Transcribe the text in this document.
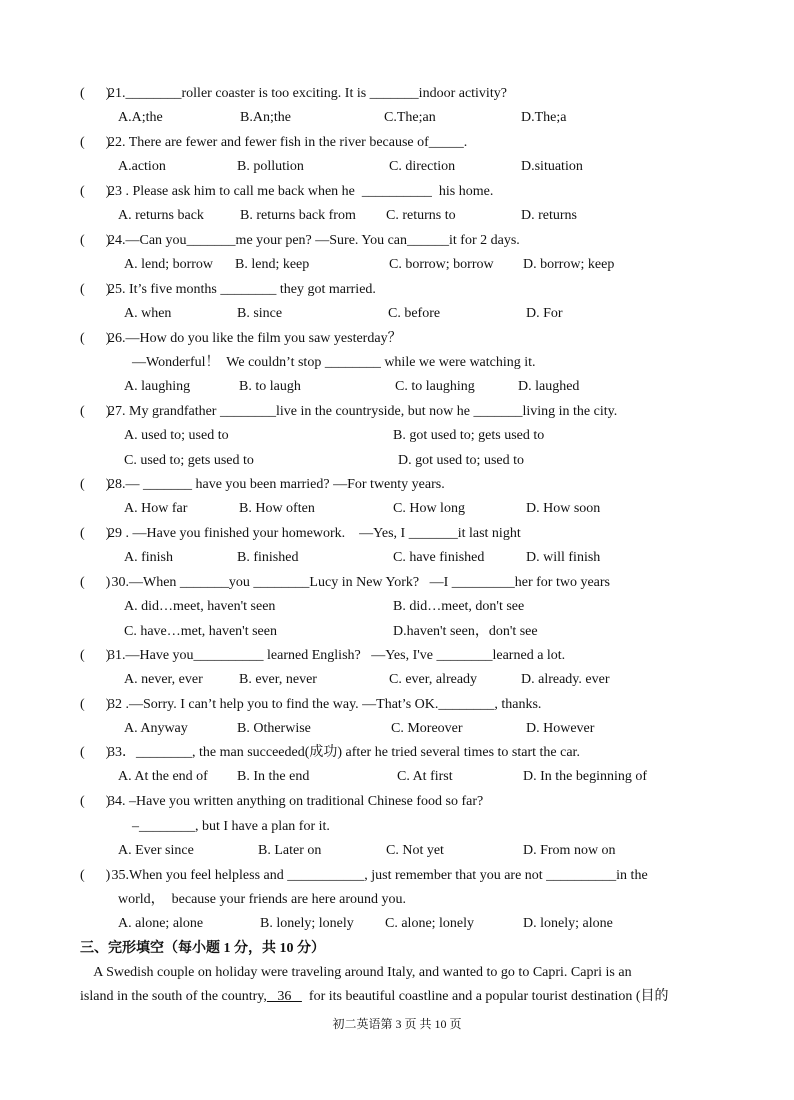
(      )
21.________roller coaster is too exciting. It is _______indoor activity?
A.A;the	B.An;the	C.The;an	D.The;a
(      )
22. There are fewer and fewer fish in the river because of_____.
A.action	B. pollution	C. direction	D.situation
(      )
23 . Please ask him to call me back when he  __________  his home.
A. returns back	B. returns back from C. returns to	D. returns
(      )
24.—Can you_______me your pen? —Sure. You can______it for 2 days.
A. lend; borrow B. lend; keep	C. borrow; borrow D. borrow; keep
(      )
25. It’s five months ________ they got married.
A. when	B. since	C. before	D. For
(      )
26.—How do you like the film you saw yesterday？
—Wonderful！  We couldn’t stop ________ while we were watching it.
A. laughing	B. to laugh	C. to laughing	D. laughed
(      )
27. My grandfather ________live in the countryside, but now he _______living in the city.
A. used to; used to	B. got used to; gets used to
C. used to; gets used to	D. got used to; used to
(      )
28.— _______ have you been married? —For twenty years.
A. How far	B. How often	C. How long	D. How soon
(      )
29 . —Have you finished your homework.    —Yes, I _______it last night
A. finish	B. finished	C. have finished	D. will finish
(      )
30.—When _______you ________Lucy in New York?   —I _________her for two years
A. did…meet, haven't seen	B. did…meet, don't see
C. have…met, haven't seen	D.haven't seen，don't see
(      )
31.—Have you__________ learned English?   —Yes, I've ________learned a lot.
A. never, ever	B. ever, never	C. ever, already	D. already. ever
(      )
32 .—Sorry. I can’t help you to find the way. —That’s OK.________, thanks.
A. Anyway	B. Otherwise	C. Moreover	D. However
(      )
33．________, the man succeeded(成功) after he tried several times to start the car.
A. At the end of B. In the end	C. At first	D. In the beginning of
(      )
34. –Have you written anything on traditional Chinese food so far?
–________, but I have a plan for it.
A. Ever since	B. Later on	C. Not yet	D. From now on
(      )
35.When you feel helpless and ___________, just remember that you are not __________in the
world，  because your friends are here around you.
A. alone; alone	B. lonely; lonely C. alone; lonely	D. lonely; alone
三、完形填空（每小题 1 分，共 10 分）
A Swedish couple on holiday were traveling around Italy, and wanted to go to Capri. Capri is an
island in the south of the country,   36     for its beautiful coastline and a popular tourist destination (目的
初二英语第 3 页 共 10 页
